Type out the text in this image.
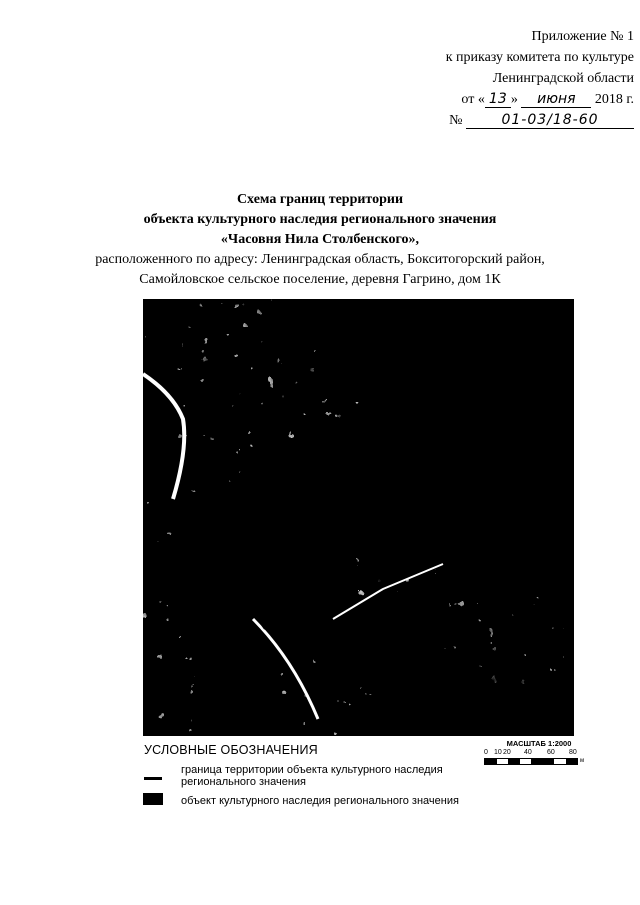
Приложение № 1
к приказу комитета по культуре
Ленинградской области
от « 13 » июня 2018 г.
№	01-03/18-60
Схема границ территории
объекта культурного наследия регионального значения
«Часовня Нила Столбенского»,
расположенного по адресу: Ленинградская область, Бокситогорский район,
Самойловское сельское поселение, деревня Гагрино, дом 1К
УСЛОВНЫЕ ОБОЗНАЧЕНИЯ	МАСШТАБ 1:2000
0 10 20 40 60 80
м
граница территории объекта культурного наследия регионального значения
объект культурного наследия регионального значения
